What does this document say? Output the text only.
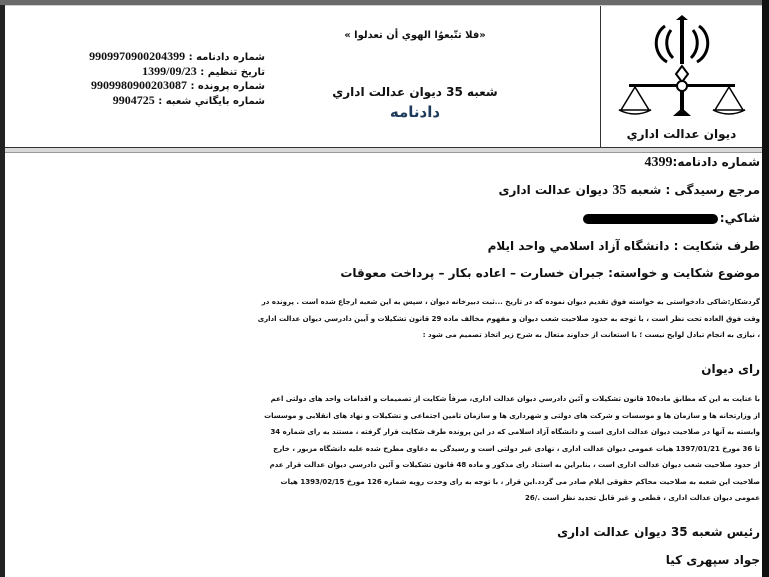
ديوان عدالت اداري
«فلا تتّبعوُا الهوي أن تعدلوا »
شعبه 35 ديوان عدالت اداري
دادنامه
شماره دادنامه : 9909970900204399
تاريخ تنظيم : 1399/09/23
شماره پرونده : 9909980900203087
شماره بايگاني شعبه : 9904725
شماره دادنامه:4399
مرجع رسیدگی : شعبه 35 ديوان عدالت اداری
شاكي:
طرف شکایت : دانشگاه آزاد اسلامي واحد ايلام
موضوع شكايت و خواسته: جبران خسارت – اعاده بكار – پرداخت معوقات
گردشكار:شاكی دادخواستی به خواسته فوق تقدیم دیوان نموده كه در تاريخ ...ثبت دبيرخانه ديوان ، سپس به اين شعبه ارجاع شده است . پرونده در
وقت فوق العاده تحت نظر است ، با توجه به حدود صلاحيت شعب ديوان و مفهوم مخالف ماده 29 قانون تشكيلات و آيين دادرسي ديوان عدالت اداری
، نيازی به انجام تبادل لوايح نيست ؛ با استعانت از خداوند متعال به شرح زير اتخاذ تصميم می شود :
رای ديوان
با عنايت به اين كه مطابق ماده10 قانون تشكيلات و آئين دادرسي ديوان عدالت اداری، صرفاً شكايت از تصميمات و اقدامات واحد های دولتی اعم
از وزارتخانه ها و سازمان ها و موسسات و شركت های دولتی و شهرداری ها و سازمان تامين اجتماعی و تشكيلات و نهاد های انقلابی و موسسات
وابسته به آنها در صلاحيت ديوان عدالت اداری است و دانشگاه آزاد اسلامی كه در اين پرونده طرف شكايت قرار گرفته ، مستند به رای شماره 34
تا 36 مورخ 1397/01/21 هيات عمومی ديوان عدالت اداری ، نهادی غير دولتی است و رسيدگی به دعاوی مطرح شده عليه دانشگاه مزبور ، خارج
از حدود صلاحيت شعب ديوان عدالت اداری است ، بنابراين به استناد رای مذكور و ماده 48 قانون تشكيلات و آئين دادرسي ديوان عدالت قرار عدم
صلاحيت اين شعبه به صلاحيت محاكم حقوقی ايلام صادر می گردد.اين قرار ، با توجه به رای وحدت رويه شماره 126 مورخ 1393/02/15 هيات
عمومی ديوان عدالت اداری ، قطعی و غير قابل تجديد نظر است ./26
رئيس شعبه 35 ديوان عدالت اداری
جواد سپهری كيا
